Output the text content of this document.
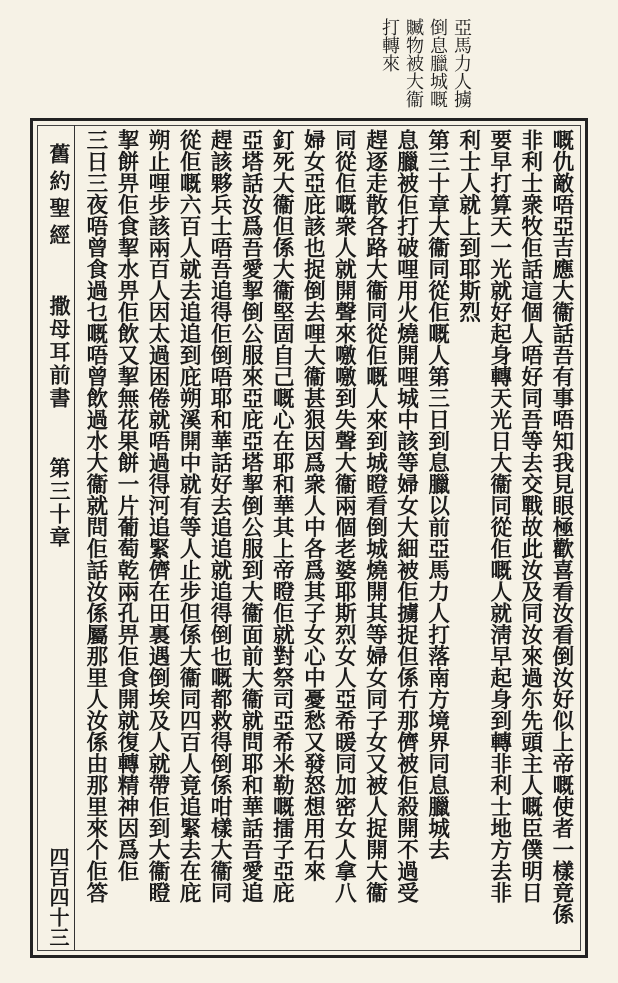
亞馬力人擄
倒息臘城嘅
贓物被大衞
打轉來
舊約聖經
撒母耳前書
第三十章
四百四十三	嘅仇敵唔亞吉應大衞話吾有事唔知我見眼極歡喜看汝看倒汝好似上帝嘅使者一樣竟係
非利士衆牧佢話這個人唔好同吾等去交戰故此汝及同汝來過尓先頭主人嘅臣僕明日
要早打算天一光就好起身轉天光日大衞同從佢嘅人就淸早起身到轉非利士地方去非
利士人就上到耶斯烈
第三十章大衞同從佢嘅人第三日到息臘以前亞馬力人打落南方境界同息臘城去
息臘被佢打破哩用火燒開哩城中該等婦女大細被佢擄捉但係冇那儕被佢殺開不過受
趕逐走散各路大衞同從佢嘅人來到城瞪看倒城燒開其等婦女同子女又被人捉開大衞
同從佢嘅衆人就開聲來噭噭到失聲大衞兩個老婆耶斯烈女人亞希暖同加密女人拿八
婦女亞庇該也捉倒去哩大衞甚狠因爲衆人中各爲其子女心中憂愁又發怒想用石來
釘死大衞但係大衞堅固自己嘅心在耶和華其上帝瞪佢就對祭司亞希米勒嘅擂子亞庇
亞塔話汝爲吾愛挈倒公服來亞庇亞塔挈倒公服到大衞面前大衞就問耶和華話吾愛追
趕該夥兵士唔吾追得佢倒唔耶和華話好去追追就追得倒也嘅都救得倒係咁樣大衞同
從佢嘅六百人就去追追到庇朔溪開中就有等人止步但係大衞同四百人竟追緊去在庇
朔止哩步該兩百人因太過困倦就唔過得河追緊儕在田裏遇倒埃及人就帶佢到大衞瞪
挈餅畀佢食挈水畀佢飲又挈無花果餅一片葡萄乾兩孔畀佢食開就復轉精神因爲佢
三日三夜唔曾食過乜嘅唔曾飲過水大衞就問佢話汝係屬那里人汝係由那里來个佢答
